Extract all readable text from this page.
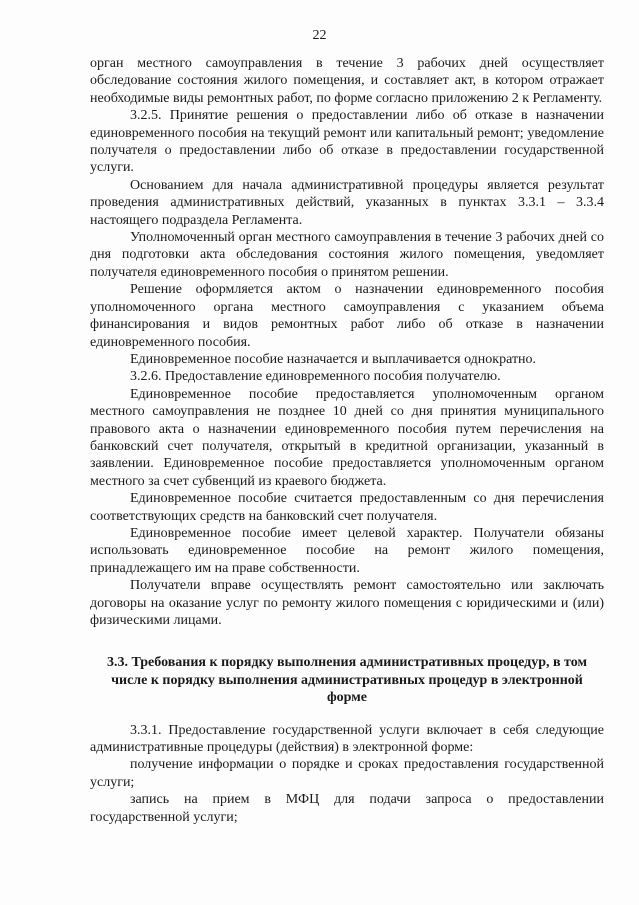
22

орган местного самоуправления в течение 3 рабочих дней осуществляет обследование состояния жилого помещения, и составляет акт, в котором отражает необходимые виды ремонтных работ, по форме согласно приложению 2 к Регламенту.

3.2.5. Принятие решения о предоставлении либо об отказе в назначении единовременного пособия на текущий ремонт или капитальный ремонт; уведомление получателя о предоставлении либо об отказе в предоставлении государственной услуги.

Основанием для начала административной процедуры является результат проведения административных действий, указанных в пунктах 3.3.1 – 3.3.4 настоящего подраздела Регламента.

Уполномоченный орган местного самоуправления в течение 3 рабочих дней со дня подготовки акта обследования состояния жилого помещения, уведомляет получателя единовременного пособия о принятом решении.

Решение оформляется актом о назначении единовременного пособия уполномоченного органа местного самоуправления с указанием объема финансирования и видов ремонтных работ либо об отказе в назначении единовременного пособия.

Единовременное пособие назначается и выплачивается однократно.

3.2.6. Предоставление единовременного пособия получателю.

Единовременное пособие предоставляется уполномоченным органом местного самоуправления не позднее 10 дней со дня принятия муниципального правового акта о назначении единовременного пособия путем перечисления на банковский счет получателя, открытый в кредитной организации, указанный в заявлении. Единовременное пособие предоставляется уполномоченным органом местного за счет субвенций из краевого бюджета.

Единовременное пособие считается предоставленным со дня перечисления соответствующих средств на банковский счет получателя.

Единовременное пособие имеет целевой характер. Получатели обязаны использовать единовременное пособие на ремонт жилого помещения, принадлежащего им на праве собственности.

Получатели вправе осуществлять ремонт самостоятельно или заключать договоры на оказание услуг по ремонту жилого помещения с юридическими и (или) физическими лицами.

3.3. Требования к порядку выполнения административных процедур, в том числе к порядку выполнения административных процедур в электронной форме

3.3.1. Предоставление государственной услуги включает в себя следующие административные процедуры (действия) в электронной форме:

получение информации о порядке и сроках предоставления государственной услуги;

запись на прием в МФЦ для подачи запроса о предоставлении государственной услуги;
